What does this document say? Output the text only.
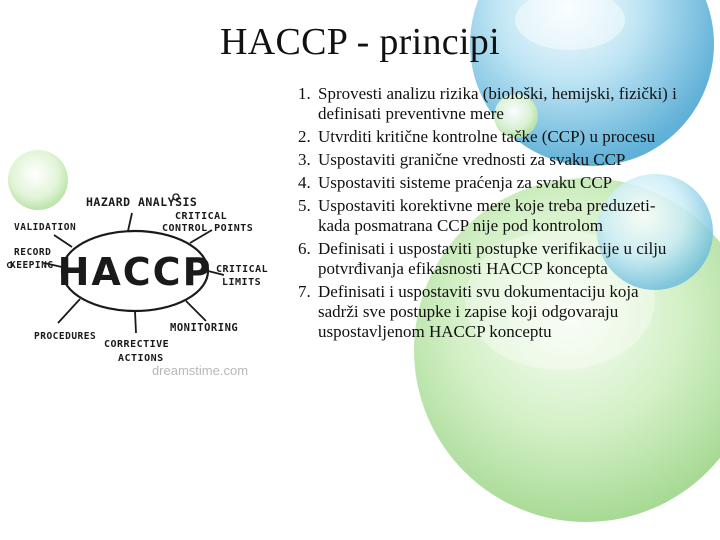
HACCP
HAZARD ANALYSIS
CRITICAL
CONTROL POINTS
VALIDATION
RECORD
KEEPING	CRITICAL
LIMITS
PROCEDURES
CORRECTIVE
ACTIONS
MONITORING
dreamstime.com
HACCP - principi
1. Sprovesti analizu rizika (biološki, hemijski, fizički) i definisati preventivne mere
2. Utvrditi kritične kontrolne tačke (CCP) u procesu
3. Uspostaviti granične vrednosti za svaku CCP
4. Uspostaviti sisteme praćenja za svaku CCP
5. Uspostaviti korektivne mere koje treba preduzeti-kada posmatrana CCP nije pod kontrolom
6. Definisati i uspostaviti postupke verifikacije u cilju potvrđivanja efikasnosti HACCP koncepta
7. Definisati i uspostaviti svu dokumentaciju koja sadrži sve postupke i zapise koji odgovaraju uspostavljenom HACCP konceptu
